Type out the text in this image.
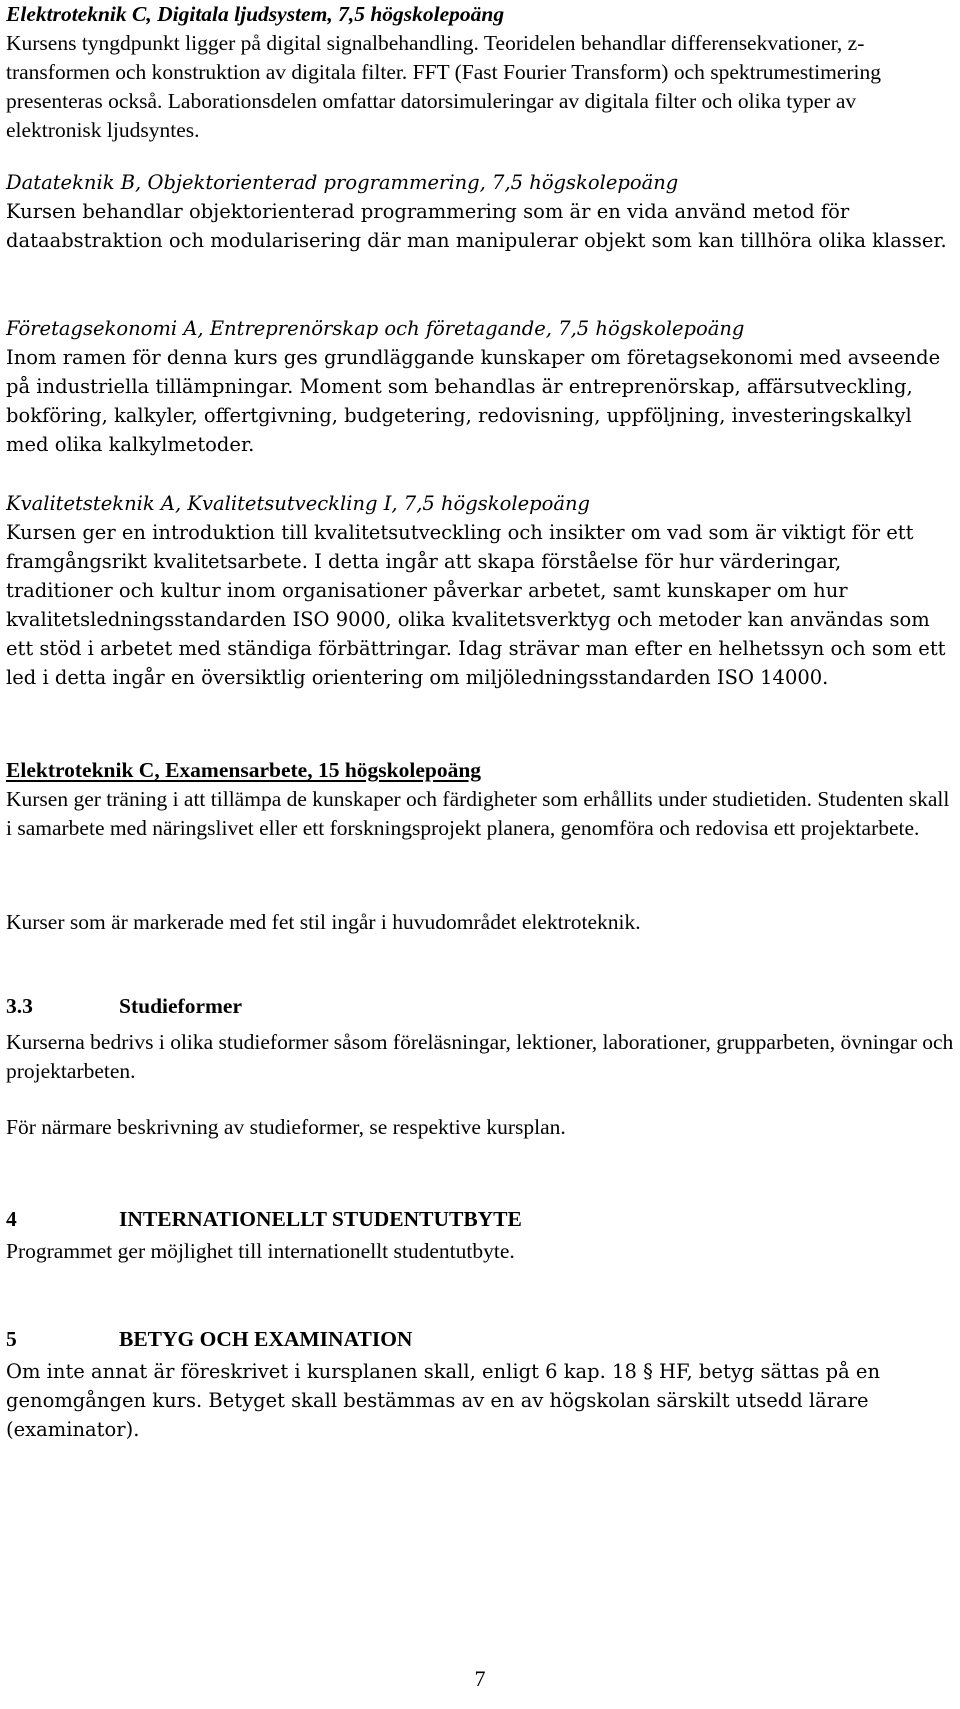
Elektroteknik C, Digitala ljudsystem, 7,5 högskolepoäng
Kursens tyngdpunkt ligger på digital signalbehandling. Teoridelen behandlar differensekvationer, z-transformen och konstruktion av digitala filter. FFT (Fast Fourier Transform) och spektrumestimering presenteras också. Laborationsdelen omfattar datorsimuleringar av digitala filter och olika typer av elektronisk ljudsyntes.
Datateknik B, Objektorienterad programmering, 7,5 högskolepoäng
Kursen behandlar objektorienterad programmering som är en vida använd metod för dataabstraktion och modularisering där man manipulerar objekt som kan tillhöra olika klasser.
Företagsekonomi A, Entreprenörskap och företagande, 7,5 högskolepoäng
Inom ramen för denna kurs ges grundläggande kunskaper om företagsekonomi med avseende på industriella tillämpningar. Moment som behandlas är entreprenörskap, affärsutveckling, bokföring, kalkyler, offertgivning, budgetering, redovisning, uppföljning, investeringskalkyl med olika kalkylmetoder.
Kvalitetsteknik A, Kvalitetsutveckling I, 7,5 högskolepoäng
Kursen ger en introduktion till kvalitetsutveckling och insikter om vad som är viktigt för ett framgångsrikt kvalitetsarbete. I detta ingår att skapa förståelse för hur värderingar, traditioner och kultur inom organisationer påverkar arbetet, samt kunskaper om hur kvalitetsledningsstandarden ISO 9000, olika kvalitetsverktyg och metoder kan användas som ett stöd i arbetet med ständiga förbättringar. Idag strävar man efter en helhetssyn och som ett led i detta ingår en översiktlig orientering om miljöledningsstandarden ISO 14000.
Elektroteknik C, Examensarbete, 15 högskolepoäng
Kursen ger träning i att tillämpa de kunskaper och färdigheter som erhållits under studietiden. Studenten skall i samarbete med näringslivet eller ett forskningsprojekt planera, genomföra och redovisa ett projektarbete.

Kurser som är markerade med fet stil ingår i huvudområdet elektroteknik.

3.3	Studieformer

Kurserna bedrivs i olika studieformer såsom föreläsningar, lektioner, laborationer, grupparbeten, övningar och projektarbeten.

För närmare beskrivning av studieformer, se respektive kursplan.

4	INTERNATIONELLT STUDENTUTBYTE

Programmet ger möjlighet till internationellt studentutbyte.

5	BETYG OCH EXAMINATION

Om inte annat är föreskrivet i kursplanen skall, enligt 6 kap. 18 § HF, betyg sättas på en genomgången kurs. Betyget skall bestämmas av en av högskolan särskilt utsedd lärare (examinator).

7
